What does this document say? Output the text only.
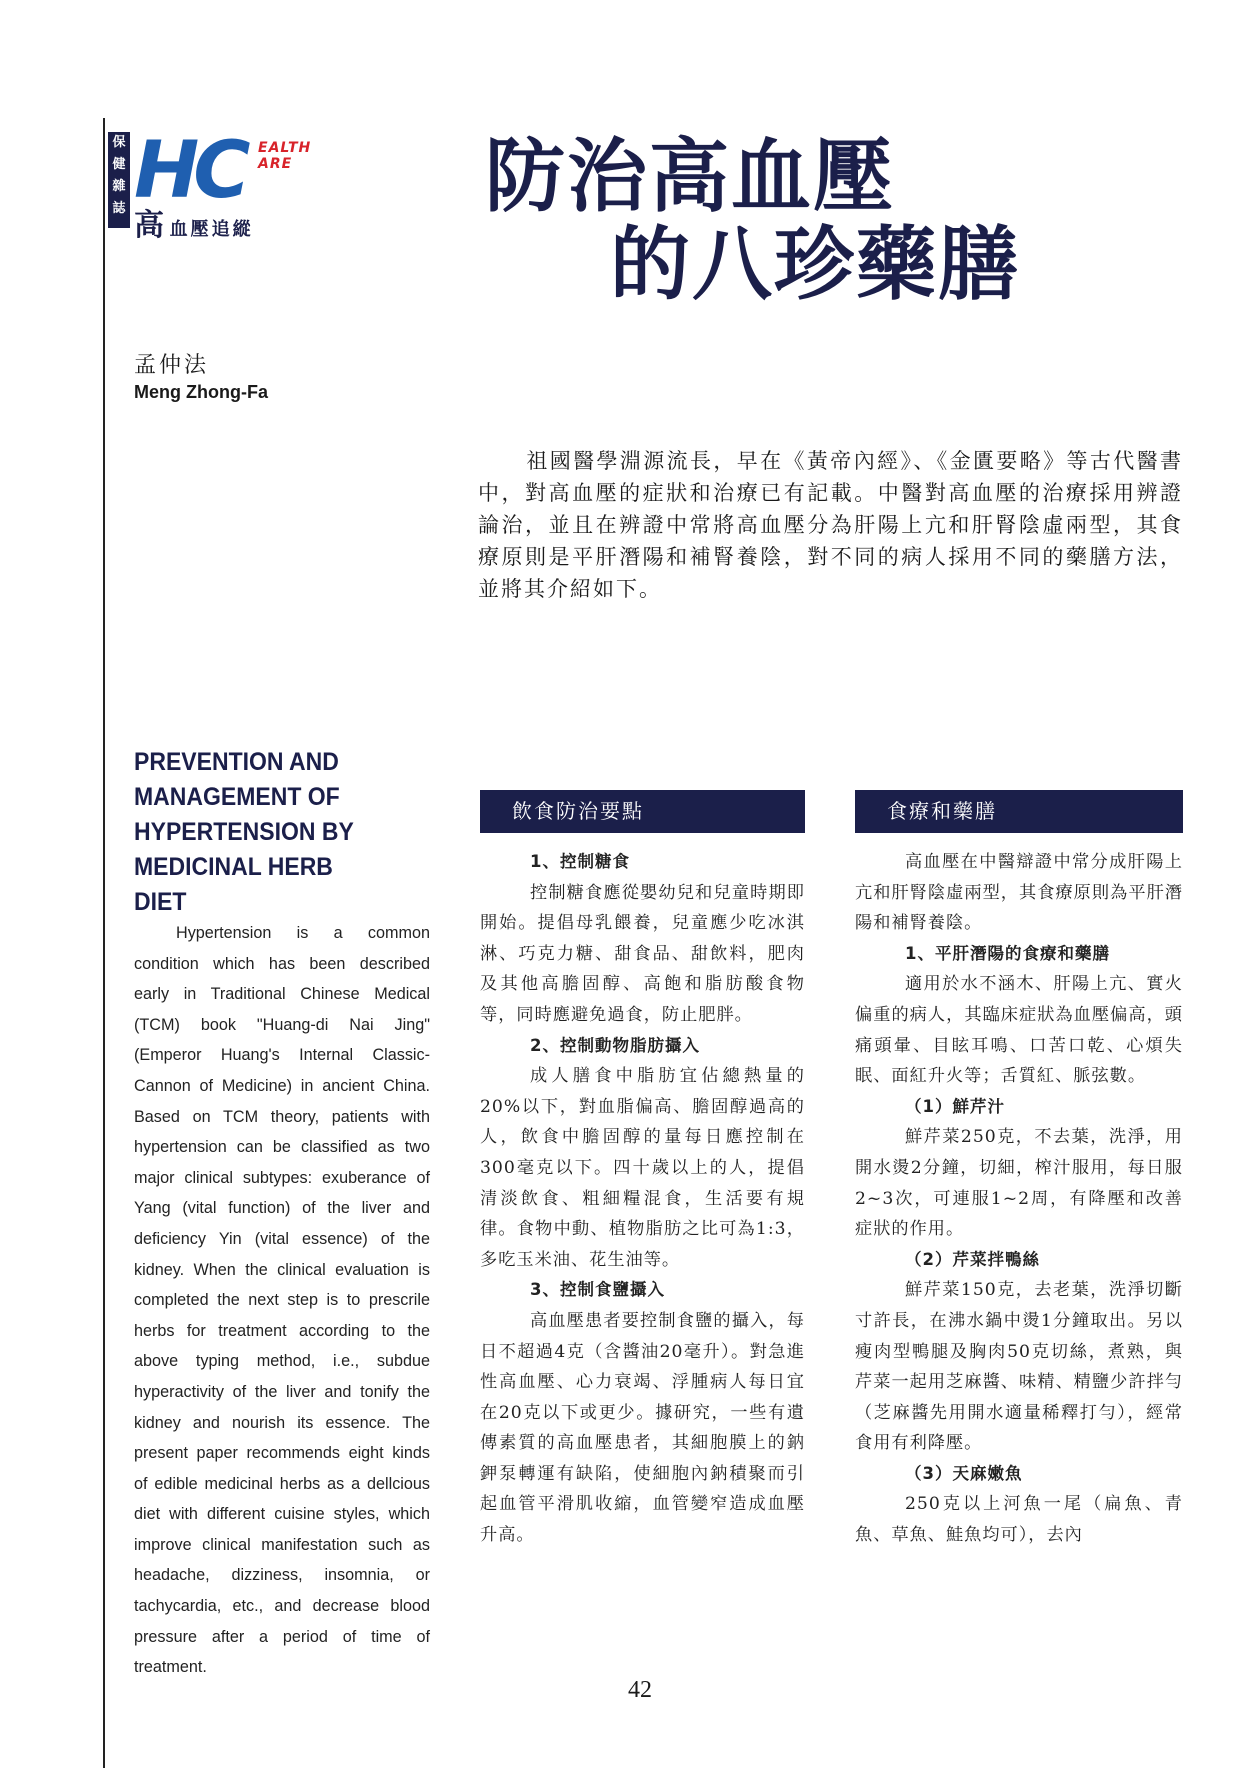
保
健
雜
誌 HC EALTH ARE
高 血壓追縱
防治高血壓
的八珍藥膳
孟仲法
Meng Zhong-Fa

祖國醫學淵源流長，早在《黃帝內經》、《金匱要略》等古代醫書中，對高血壓的症狀和治療已有記載。中醫對高血壓的治療採用辨證論治，並且在辨證中常將高血壓分為肝陽上亢和肝腎陰虛兩型，其食療原則是平肝潛陽和補腎養陰，對不同的病人採用不同的藥膳方法，並將其介紹如下。

PREVENTION AND MANAGEMENT OF HYPERTENSION BY MEDICINAL HERB DIET

Hypertension is a common condition which has been described early in Traditional Chinese Medical (TCM) book "Huang-di Nai Jing"(Emperor Huang's Internal Classic-Cannon of Medicine) in ancient China. Based on TCM theory, patients with hypertension can be classified as two major clinical subtypes: exuberance of Yang (vital function) of the liver and deficiency Yin (vital essence) of the kidney. When the clinical evaluation is completed the next step is to prescrile herbs for treatment according to the above typing method, i.e., subdue hyperactivity of the liver and tonify the kidney and nourish its essence. The present paper recommends eight kinds of edible medicinal herbs as a dellcious diet with different cuisine styles, which improve clinical manifestation such as headache, dizziness, insomnia, or tachycardia, etc., and decrease blood pressure after a period of time of treatment.

飲食防治要點

1、控制糖食

控制糖食應從嬰幼兒和兒童時期即開始。提倡母乳餵養，兒童應少吃冰淇淋、巧克力糖、甜食品、甜飲料，肥肉及其他高膽固醇、高飽和脂肪酸食物等，同時應避免過食，防止肥胖。

2、控制動物脂肪攝入

成人膳食中脂肪宜佔總熱量的20%以下，對血脂偏高、膽固醇過高的人，飲食中膽固醇的量每日應控制在300毫克以下。四十歲以上的人，提倡清淡飲食、粗細糧混食，生活要有規律。食物中動、植物脂肪之比可為1:3，多吃玉米油、花生油等。

3、控制食鹽攝入

高血壓患者要控制食鹽的攝入，每日不超過4克（含醬油20毫升）。對急進性高血壓、心力衰竭、浮腫病人每日宜在20克以下或更少。據研究，一些有遺傳素質的高血壓患者，其細胞膜上的鈉鉀泵轉運有缺陷，使細胞內鈉積聚而引起血管平滑肌收縮，血管變窄造成血壓升高。

食療和藥膳

高血壓在中醫辯證中常分成肝陽上亢和肝腎陰虛兩型，其食療原則為平肝潛陽和補腎養陰。

1、平肝潛陽的食療和藥膳

適用於水不涵木、肝陽上亢、實火偏重的病人，其臨床症狀為血壓偏高，頭痛頭暈、目眩耳鳴、口苦口乾、心煩失眠、面紅升火等；舌質紅、脈弦數。

（1）鮮芹汁

鮮芹菜250克，不去葉，洗淨，用開水燙2分鐘，切細，榨汁服用，每日服2~3次，可連服1~2周，有降壓和改善症狀的作用。

（2）芹菜拌鴨絲

鮮芹菜150克，去老葉，洗淨切斷寸許長，在沸水鍋中燙1分鐘取出。另以瘦肉型鴨腿及胸肉50克切絲，煮熟，與芹菜一起用芝麻醬、味精、精鹽少許拌勻（芝麻醬先用開水適量稀釋打勻），經常食用有利降壓。

（3）天麻嫩魚

250克以上河魚一尾（扁魚、青魚、草魚、鮭魚均可），去內

42
